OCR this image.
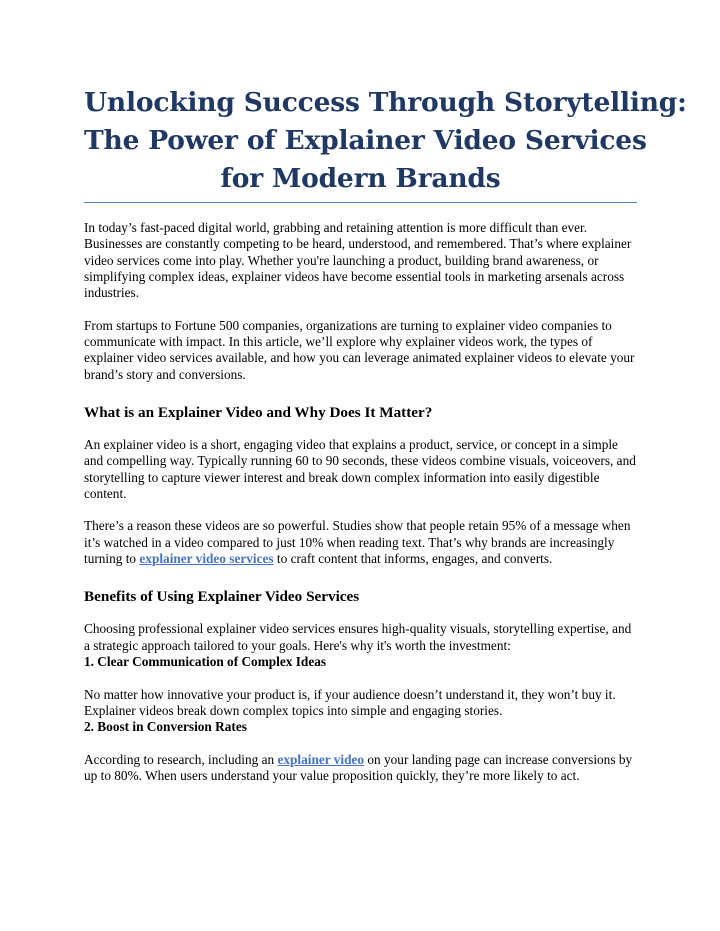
Unlocking Success Through Storytelling:
The Power of Explainer Video Services
for Modern Brands

In today’s fast-paced digital world, grabbing and retaining attention is more difficult than ever. Businesses are constantly competing to be heard, understood, and remembered. That’s where explainer video services come into play. Whether you're launching a product, building brand awareness, or simplifying complex ideas, explainer videos have become essential tools in marketing arsenals across industries.

From startups to Fortune 500 companies, organizations are turning to explainer video companies to communicate with impact. In this article, we’ll explore why explainer videos work, the types of explainer video services available, and how you can leverage animated explainer videos to elevate your brand’s story and conversions.

What is an Explainer Video and Why Does It Matter?

An explainer video is a short, engaging video that explains a product, service, or concept in a simple and compelling way. Typically running 60 to 90 seconds, these videos combine visuals, voiceovers, and storytelling to capture viewer interest and break down complex information into easily digestible content.

There’s a reason these videos are so powerful. Studies show that people retain 95% of a message when it’s watched in a video compared to just 10% when reading text. That’s why brands are increasingly turning to explainer video services to craft content that informs, engages, and converts.

Benefits of Using Explainer Video Services

Choosing professional explainer video services ensures high-quality visuals, storytelling expertise, and a strategic approach tailored to your goals. Here's why it's worth the investment:

1. Clear Communication of Complex Ideas

No matter how innovative your product is, if your audience doesn’t understand it, they won’t buy it. Explainer videos break down complex topics into simple and engaging stories.

2. Boost in Conversion Rates

According to research, including an explainer video on your landing page can increase conversions by up to 80%. When users understand your value proposition quickly, they’re more likely to act.
